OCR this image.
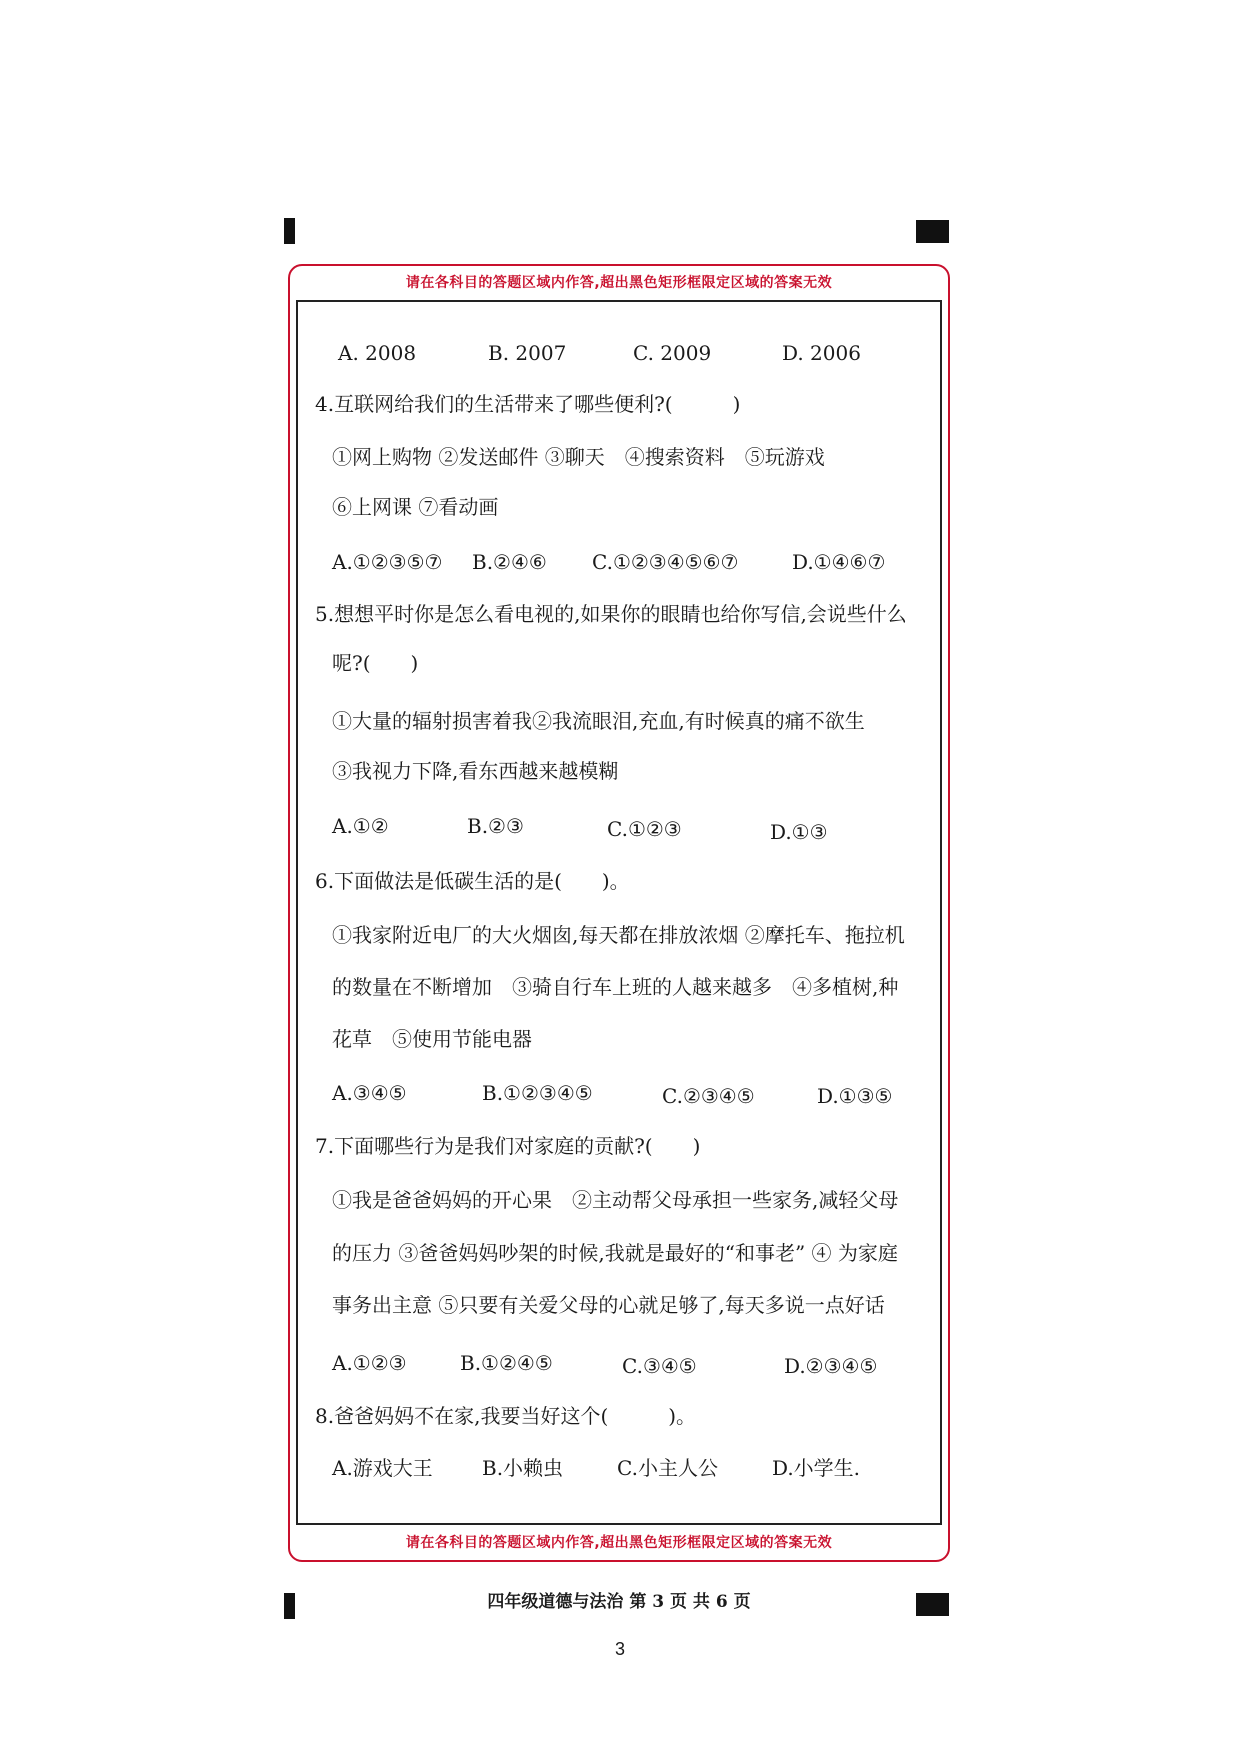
请在各科目的答题区域内作答,超出黑色矩形框限定区域的答案无效
请在各科目的答题区域内作答,超出黑色矩形框限定区域的答案无效
A. 2008	B. 2007	C. 2009	D. 2006
4.互联网给我们的生活带来了哪些便利?(　　　)
①网上购物 ②发送邮件 ③聊天　④搜索资料　⑤玩游戏
⑥上网课 ⑦看动画
A.①②③⑤⑦ B.②④⑥ C.①②③④⑤⑥⑦	D.①④⑥⑦
5.想想平时你是怎么看电视的,如果你的眼睛也给你写信,会说些什么
呢?(　　)
①大量的辐射损害着我②我流眼泪,充血,有时候真的痛不欲生
③我视力下降,看东西越来越模糊
A.①②	B.②③	C.①②③	D.①③
6.下面做法是低碳生活的是(　　)。
①我家附近电厂的大火烟囱,每天都在排放浓烟 ②摩托车、拖拉机
的数量在不断增加　③骑自行车上班的人越来越多　④多植树,种
花草　⑤使用节能电器
A.③④⑤	B.①②③④⑤	C.②③④⑤	D.①③⑤
7.下面哪些行为是我们对家庭的贡献?(　　)
①我是爸爸妈妈的开心果　②主动帮父母承担一些家务,减轻父母
的压力 ③爸爸妈妈吵架的时候,我就是最好的“和事老” ④ 为家庭
事务出主意 ⑤只要有关爱父母的心就足够了,每天多说一点好话
A.①②③	B.①②④⑤	C.③④⑤	D.②③④⑤
8.爸爸妈妈不在家,我要当好这个(　　　)。
A.游戏大王 B.小赖虫	C.小主人公	D.小学生.
四年级道德与法治 第 3 页 共 6 页
3
